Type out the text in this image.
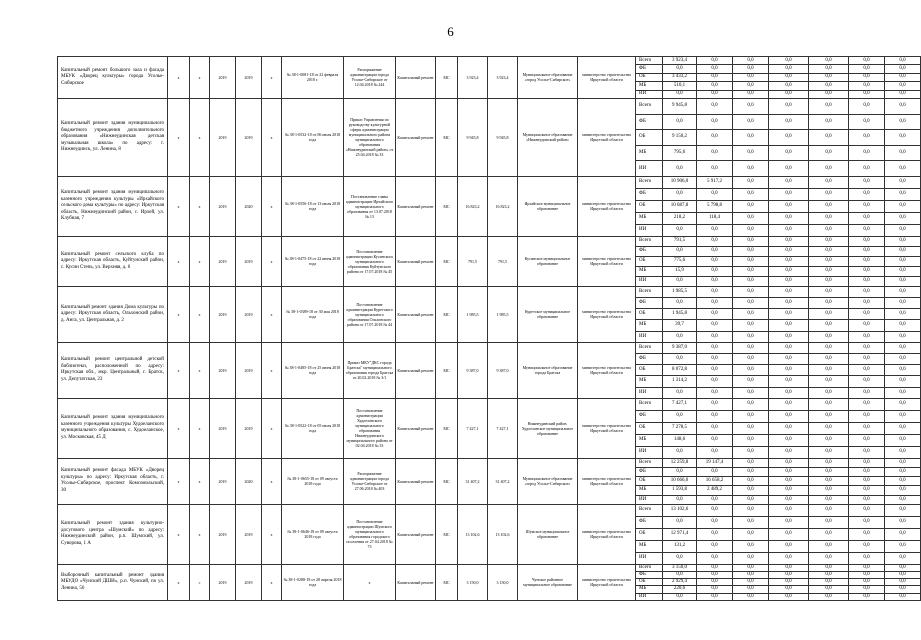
6
Капитальный ремонт большого зала и фасада МБУК «Дворец культуры» города Усолье-Сибирское	х	х	2019	2019	х	№ 38-1-0081-18 от 22 февраля 2018 г.	Распоряжение администрации города Усолье-Сибирское от 12.04.2018 № 244	Капитальный ремонт	МС	3 923,4	3 923,4	Муниципальное образование «город Усолье-Сибирское»	министерство строительства Иркутской области	Всего	3 923,4	0,0	0,0	0,0	0,0	0,0	0,0
														ФБ	0,0	0,0	0,0	0,0	0,0	0,0	0,0
														ОБ	3 433,2	0,0	0,0	0,0	0,0	0,0	0,0
														МБ	510,1	0,0	0,0	0,0	0,0	0,0	0,0
														ИИ	0,0	0,0	0,0	0,0	0,0	0,0	0,0
Капитальный ремонт здания муниципального бюджетного учреждения дополнительного образования «Нижнеудинская детская музыкальная школа» по адресу: г. Нижнеудинск, ул. Ленина, 8	х	х	2019	2019	х	№ 38-1-0532-18 от 06 июля 2018 года	Приказ Управления по руководству культурной сферы администрации муниципального района муниципального образования «Нижнеудинский район» от 25.04.2018 № 33	Капитальный ремонт	МС	9 945,8	9 945,8	Муниципальное образование «Нижнеудинский район»	министерство строительства Иркутской области	Всего	9 945,8	0,0	0,0	0,0	0,0	0,0	0,0
														ФБ	0,0	0,0	0,0	0,0	0,0	0,0	0,0
														ОБ	9 150,2	0,0	0,0	0,0	0,0	0,0	0,0
														МБ	795,6	0,0	0,0	0,0	0,0	0,0	0,0
														ИИ	0,0	0,0	0,0	0,0	0,0	0,0	0,0
Капитальный ремонт здания муниципального казенного учреждения культуры «Ирхайского сельского дома культуры» по адресу: Иркутская область, Нижнеудинский район, с. Ирхей, ул. Клубная, 7	х	х	2019	2020	х	№ 38-1-0556-18 от 13 июля 2018 года	Постановление главы администрации Ирхайского муниципального образования от 13.07.2018 № 13	Капитальный ремонт	МС	16 823,2	16 823,2	Ирхайское муниципальное образование	министерство строительства Иркутской области	Всего	10 906,0	5 917,2	0,0	0,0	0,0	0,0	0,0
														ФБ	0,0	0,0	0,0	0,0	0,0	0,0	0,0
														ОБ	10 687,8	5 798,8	0,0	0,0	0,0	0,0	0,0
														МБ	218,2	118,4	0,0	0,0	0,0	0,0	0,0
														ИИ	0,0	0,0	0,0	0,0	0,0	0,0	0,0
Капитальный ремонт сельского клуба по адресу: Иркутская область, Куйтунский район, с. Кусин Степь, ул. Верхняя, д. 6	х	х	2019	2019	х	№ 38-1-0475-18 от 22 июня 2018 года	Постановление администрации Кусинского муниципального образования Куйтунского района от 17.07.2018 № 45	Капитальный ремонт	МС	791,5	791,5	Кусинское муниципальное образование	министерство строительства Иркутской области	Всего	791,5	0,0	0,0	0,0	0,0	0,0	0,0
														ФБ	0,0	0,0	0,0	0,0	0,0	0,0	0,0
														ОБ	775,6	0,0	0,0	0,0	0,0	0,0	0,0
														МБ	15,9	0,0	0,0	0,0	0,0	0,0	0,0
														ИИ	0,0	0,0	0,0	0,0	0,0	0,0	0,0
Капитальный ремонт здания Дома культуры по адресу: Иркутская область, Ольхонский район, д. Анга, ул. Центральная, д. 2	х	х	2019	2019	х	№ 38-1-0389-18 от 30 мая 2018 года	Постановление администрации Куретского муниципального образования Ольхонского района от 17.07.2018 № 44	Капитальный ремонт	МС	1 985,5	1 985,5	Куретское муниципальное образование	министерство строительства Иркутской области	Всего	1 985,5	0,0	0,0	0,0	0,0	0,0	0,0
														ФБ	0,0	0,0	0,0	0,0	0,0	0,0	0,0
														ОБ	1 945,8	0,0	0,0	0,0	0,0	0,0	0,0
														МБ	39,7	0,0	0,0	0,0	0,0	0,0	0,0
														ИИ	0,0	0,0	0,0	0,0	0,0	0,0	0,0
Капитальный ремонт центральной детской библиотеки, расположенной по адресу: Иркутская обл., мкр. Центральный, г. Братск, ул. Депутатская, 23	х	х	2019	2019	х	№ 38-1-0485-18 от 25 июня 2018 года	Приказ МКУ"ДКС города Братска" муниципального образования города Братска от 20.02.2018 № 3/1	Капитальный ремонт	МС	9 387,0	9 387,0	Муниципальное образование города Братска	министерство строительства Иркутской области	Всего	9 387,0	0,0	0,0	0,0	0,0	0,0	0,0
														ФБ	0,0	0,0	0,0	0,0	0,0	0,0	0,0
														ОБ	8 072,8	0,0	0,0	0,0	0,0	0,0	0,0
														МБ	1 314,2	0,0	0,0	0,0	0,0	0,0	0,0
														ИИ	0,0	0,0	0,0	0,0	0,0	0,0	0,0
Капитальный ремонт здания муниципального казенного учреждения культуры Худоеланского муниципального образования, с. Худоеланское, ул. Московская, 45 Д	х	х	2019	2019	х	№ 38-1-0522-18 от 05 июля 2018 года	Постановление администрации Худоеланского муниципального образования Нижнеудинского муниципального района от 02.04.2018 № 33	Капитальный ремонт	МС	7 427,1	7 427,1	Нижнеудинский район, Худоеланское муниципальное образование	министерство строительства Иркутской области	Всего	7 427,1	0,0	0,0	0,0	0,0	0,0	0,0
														ФБ	0,0	0,0	0,0	0,0	0,0	0,0	0,0
														ОБ	7 278,5	0,0	0,0	0,0	0,0	0,0	0,0
														МБ	148,6	0,0	0,0	0,0	0,0	0,0	0,0
														ИИ	0,0	0,0	0,0	0,0	0,0	0,0	0,0
Капитальный ремонт фасада МБУК «Дворец культуры» по адресу: Иркутская область, г. Усолье-Сибирское, проспект Комсомольский, 30	х	х	2019	2020	х	№ 38-1-0655-18 от 09 августа 2018 года	Распоряжение администрации города Усолье-Сибирское от 27.06.2018 № 403	Капитальный ремонт	МС	31 407,2	31 407,2	Муниципальное образование «город Усолье-Сибирское»	министерство строительства Иркутской области	Всего	12 259,8	19 147,4	0,0	0,0	0,0	0,0	0,0
														ФБ	0,0	0,0	0,0	0,0	0,0	0,0	0,0
														ОБ	10 666,0	16 658,2	0,0	0,0	0,0	0,0	0,0
														МБ	1 593,8	2 489,2	0,0	0,0	0,0	0,0	0,0
														ИИ	0,0	0,0	0,0	0,0	0,0	0,0	0,0
Капитальный ремонт здания культурно-досугового центра «Шумский» по адресу: Нижнеудинский район, р.п. Шумский, ул. Суворова, 1 А	х	х	2019	2019	х	№ 38-1-0646-18 от 09 августа 2018 года	Постановление администрации Шумского муниципального образования городского поселения от 27.04.2018 № 73	Капитальный ремонт	МС	13 102,6	13 102,6	Шумское муниципальное образование	министерство строительства Иркутской области	Всего	13 102,6	0,0	0,0	0,0	0,0	0,0	0,0
														ФБ	0,0	0,0	0,0	0,0	0,0	0,0	0,0
														ОБ	12 971,4	0,0	0,0	0,0	0,0	0,0	0,0
														МБ	131,2	0,0	0,0	0,0	0,0	0,0	0,0
														ИИ	0,0	0,0	0,0	0,0	0,0	0,0	0,0
Выборочный капитальный ремонт здания МБУДО «Чунский ДШИ», р.п. Чунский, по ул. Ленина, 56	х	с	2019	2019	х	№ 38-1-0288-18 от 28 апреля 2018 года	х	Капитальный ремонт	МС	3 150,0	3 150,0	Чунское районное муниципальное образование	министерство строительства Иркутской области	Всего	3 150,0	0,0	0,0	0,0	0,0	0,0	0,0
														ФБ	0,0	0,0	0,0	0,0	0,0	0,0	0,0
														ОБ	2 929,4	0,0	0,0	0,0	0,0	0,0	0,0
														МБ	220,6	0,0	0,0	0,0	0,0	0,0	0,0
														ИИ	0,0	0,0	0,0	0,0	0,0	0,0	0,0
